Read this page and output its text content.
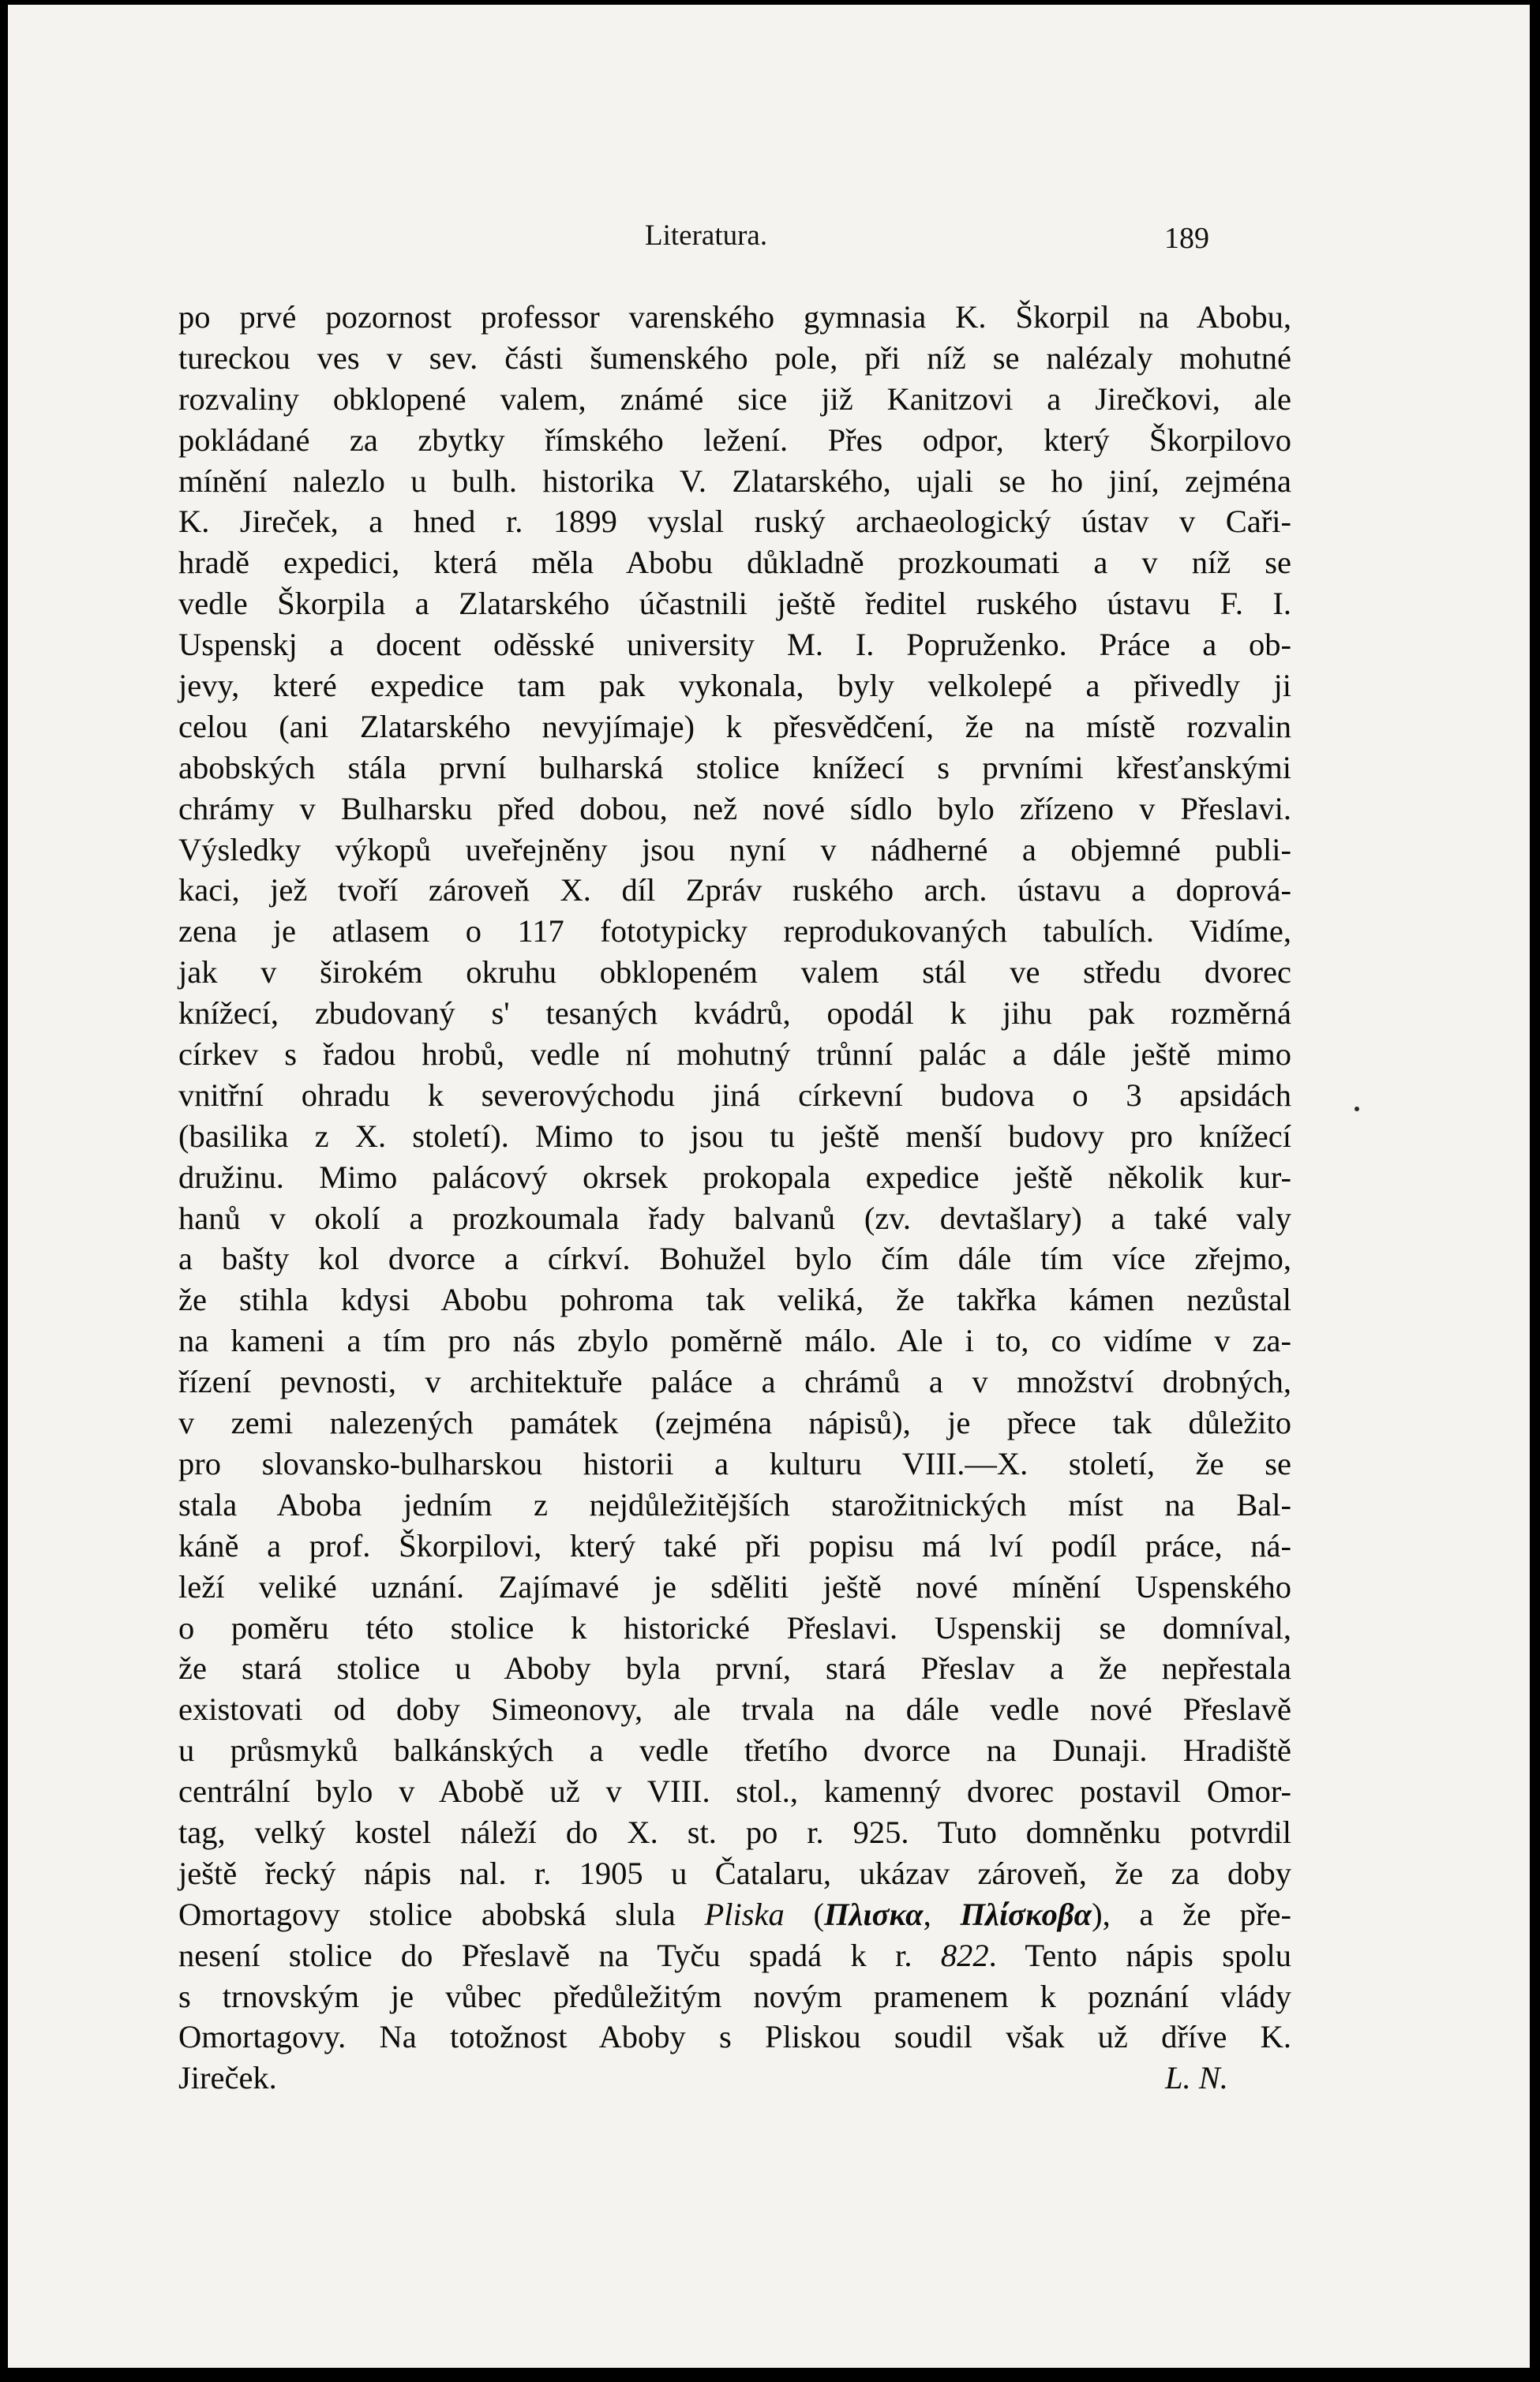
Literatura.	189
po prvé pozornost professor varenského gymnasia K. Škorpil na Abobu,
tureckou ves v sev. části šumenského pole, při níž se nalézaly mohutné
rozvaliny obklopené valem, známé sice již Kanitzovi a Jirečkovi, ale
pokládané za zbytky římského ležení. Přes odpor, který Škorpilovo
mínění nalezlo u bulh. historika V. Zlatarského, ujali se ho jiní, zejména
K. Jireček, a hned r. 1899 vyslal ruský archaeologický ústav v Caři-
hradě expedici, která měla Abobu důkladně prozkoumati a v níž se
vedle Škorpila a Zlatarského účastnili ještě ředitel ruského ústavu F. I.
Uspenskj a docent oděsské university M. I. Popruženko. Práce a ob-
jevy, které expedice tam pak vykonala, byly velkolepé a přivedly ji
celou (ani Zlatarského nevyjímaje) k přesvědčení, že na místě rozvalin
abobských stála první bulharská stolice knížecí s prvními křesťanskými
chrámy v Bulharsku před dobou, než nové sídlo bylo zřízeno v Přeslavi.
Výsledky výkopů uveřejněny jsou nyní v nádherné a objemné publi-
kaci, jež tvoří zároveň X. díl Zpráv ruského arch. ústavu a doprová-
zena je atlasem o 117 fototypicky reprodukovaných tabulích. Vidíme,
jak v širokém okruhu obklopeném valem stál ve středu dvorec
knížecí, zbudovaný s' tesaných kvádrů, opodál k jihu pak rozměrná
církev s řadou hrobů, vedle ní mohutný trůnní palác a dále ještě mimo
vnitřní ohradu k severovýchodu jiná církevní budova o 3 apsidách
(basilika z X. století). Mimo to jsou tu ještě menší budovy pro knížecí
družinu. Mimo palácový okrsek prokopala expedice ještě několik kur-
hanů v okolí a prozkoumala řady balvanů (zv. devtašlary) a také valy
a bašty kol dvorce a církví. Bohužel bylo čím dále tím více zřejmo,
že stihla kdysi Abobu pohroma tak veliká, že takřka kámen nezůstal
na kameni a tím pro nás zbylo poměrně málo. Ale i to, co vidíme v za-
řízení pevnosti, v architektuře paláce a chrámů a v množství drobných,
v zemi nalezených památek (zejména nápisů), je přece tak důležito
pro slovansko-bulharskou historii a kulturu VIII.—X. století, že se
stala Aboba jedním z nejdůležitějších starožitnických míst na Bal-
káně a prof. Škorpilovi, který také při popisu má lví podíl práce, ná-
leží veliké uznání. Zajímavé je sděliti ještě nové mínění Uspenského
o poměru této stolice k historické Přeslavi. Uspenskij se domníval,
že stará stolice u Aboby byla první, stará Přeslav a že nepřestala
existovati od doby Simeonovy, ale trvala na dále vedle nové Přeslavě
u průsmyků balkánských a vedle třetího dvorce na Dunaji. Hradiště
centrální bylo v Abobě už v VIII. stol., kamenný dvorec postavil Omor-
tag, velký kostel náleží do X. st. po r. 925. Tuto domněnku potvrdil
ještě řecký nápis nal. r. 1905 u Čatalaru, ukázav zároveň, že za doby
Omortagovy stolice abobská slula Pliska (Πλισκα, Πλίσκοβα), a že pře-
nesení stolice do Přeslavě na Tyču spadá k r. 822. Tento nápis spolu
s trnovským je vůbec předůležitým novým pramenem k poznání vlády
Omortagovy. Na totožnost Aboby s Pliskou soudil však už dříve K.
Jireček.	L. N.
